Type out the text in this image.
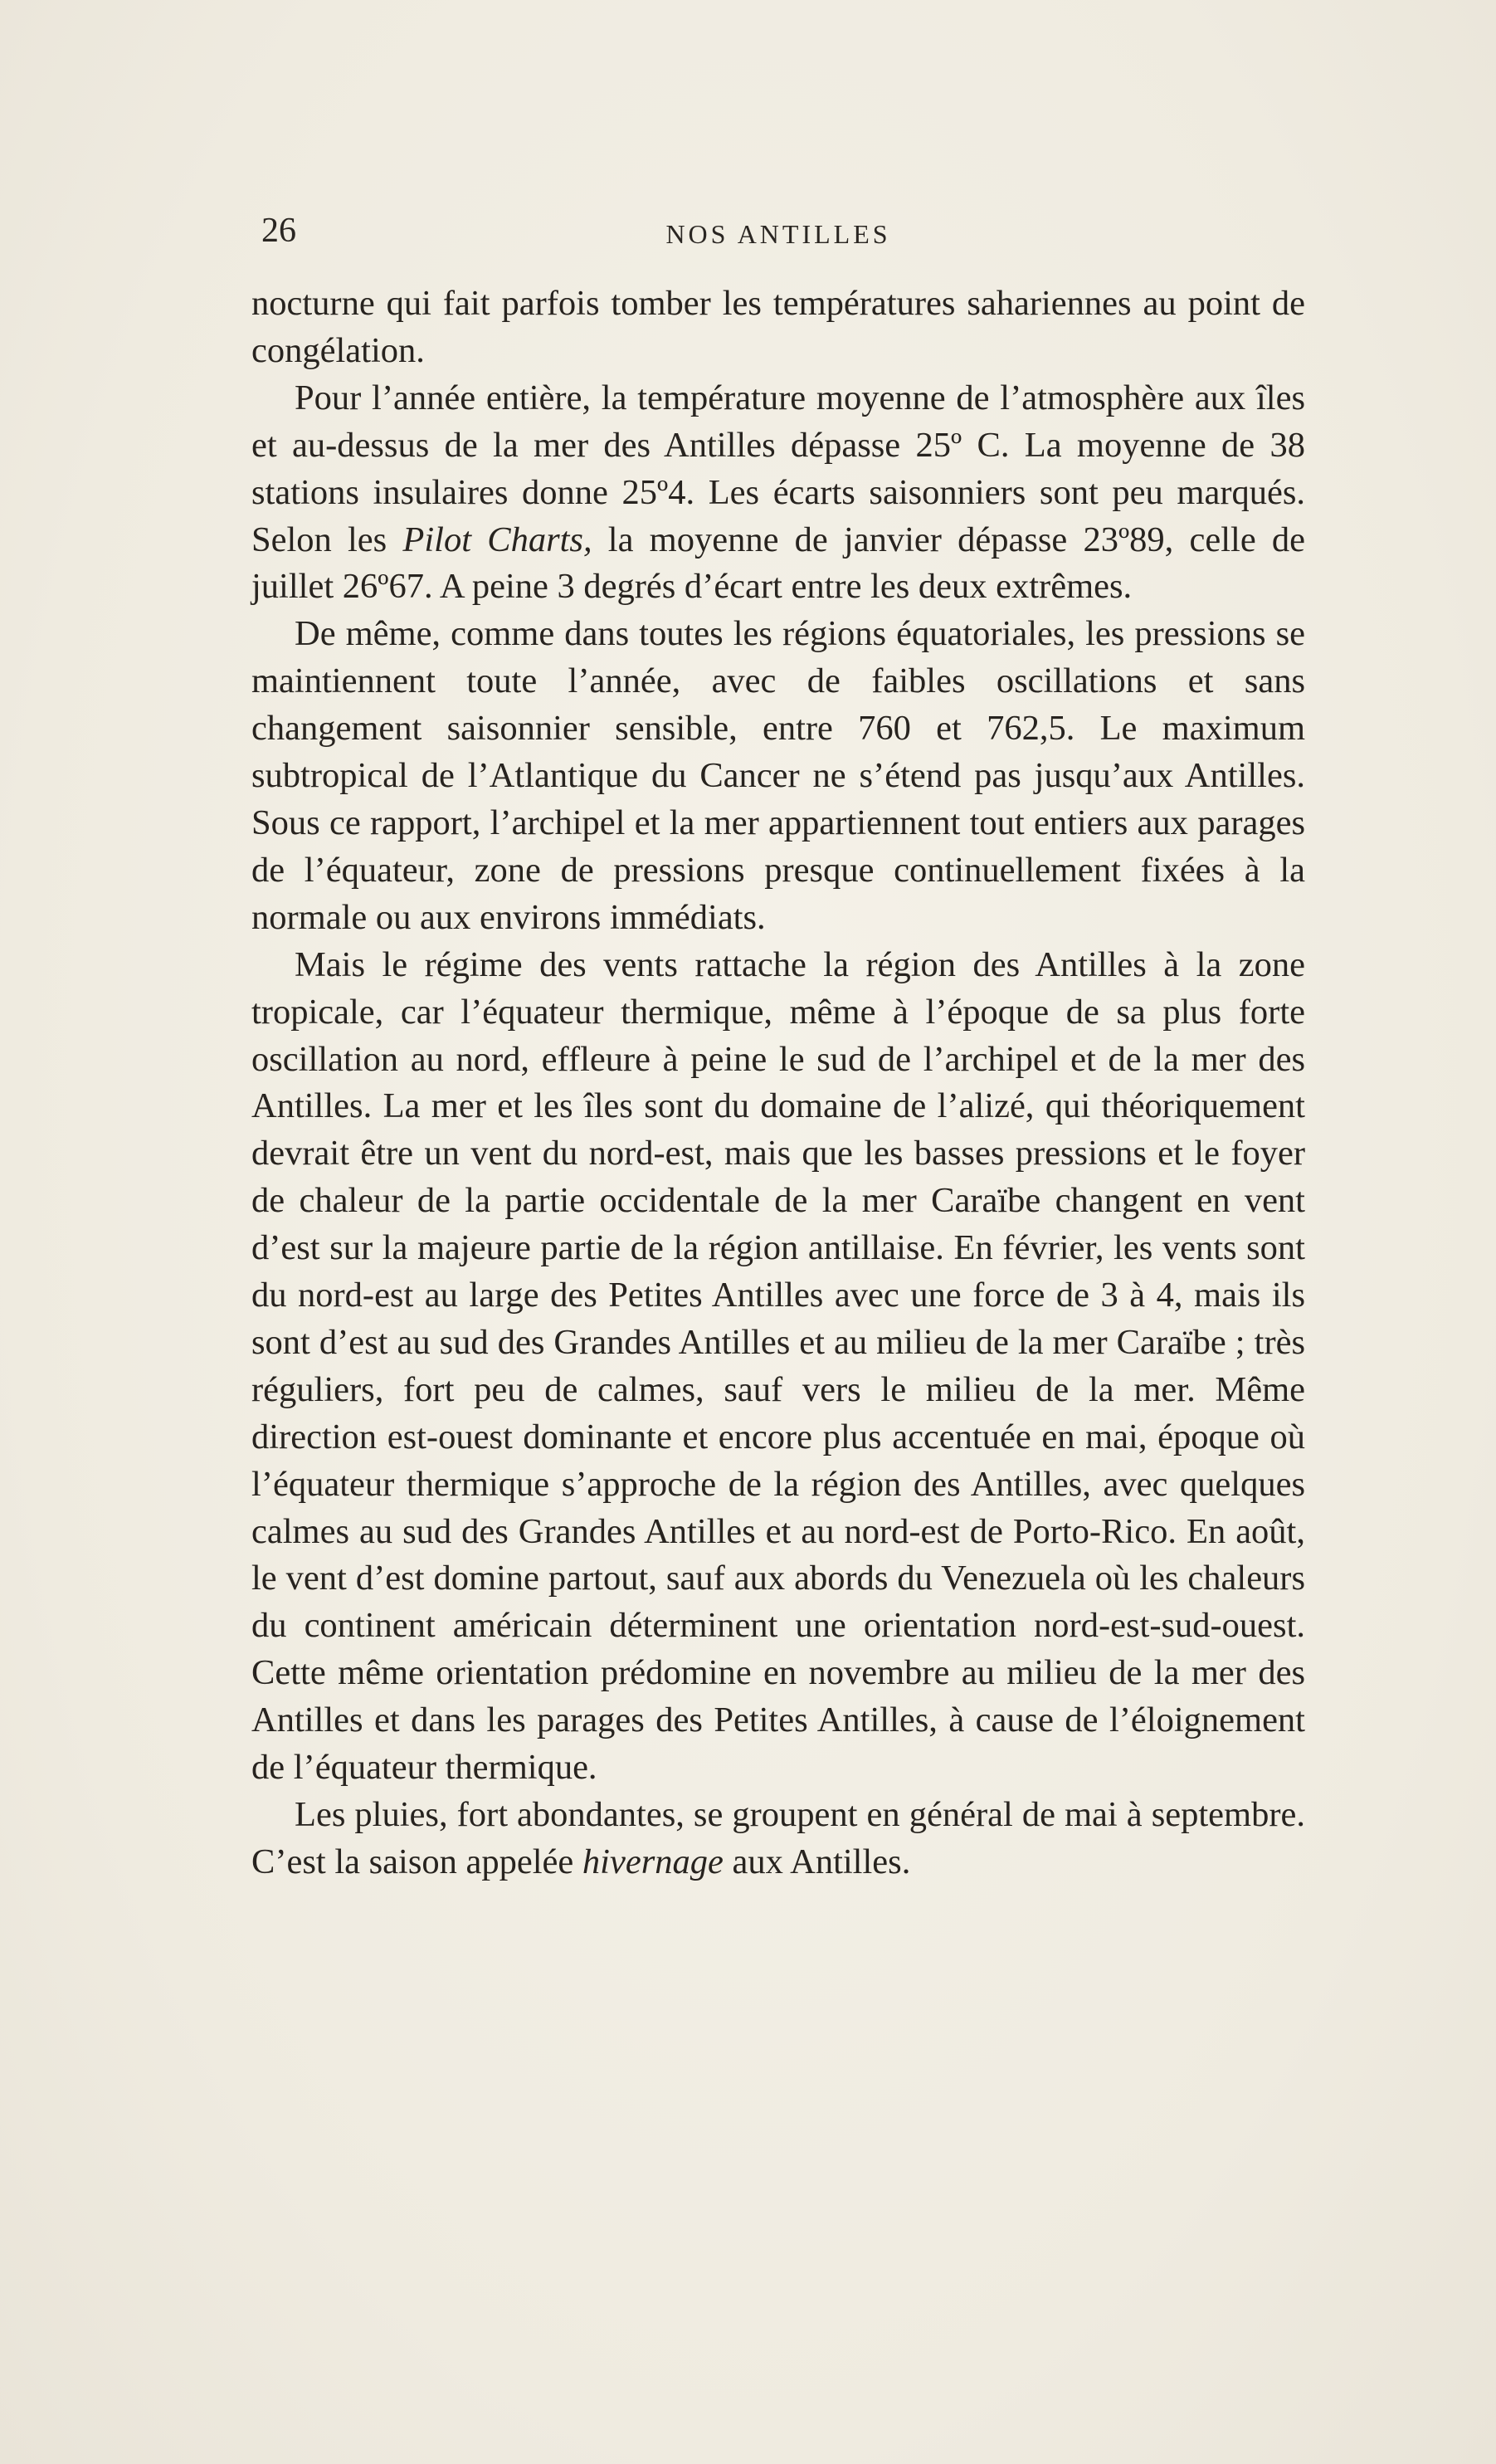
26	NOS ANTILLES

nocturne qui fait parfois tomber les températures sahariennes au point de congélation.

Pour l’année entière, la température moyenne de l’atmosphère aux îles et au-dessus de la mer des Antilles dépasse 25º C. La moyenne de 38 stations insulaires donne 25º4. Les écarts saisonniers sont peu marqués. Selon les Pilot Charts, la moyenne de janvier dépasse 23º89, celle de juillet 26º67. A peine 3 degrés d’écart entre les deux extrêmes.

De même, comme dans toutes les régions équatoriales, les pressions se maintiennent toute l’année, avec de faibles oscillations et sans changement saisonnier sensible, entre 760 et 762,5. Le maximum subtropical de l’Atlantique du Cancer ne s’étend pas jusqu’aux Antilles. Sous ce rapport, l’archipel et la mer appartiennent tout entiers aux parages de l’équateur, zone de pressions presque continuellement fixées à la normale ou aux environs immédiats.

Mais le régime des vents rattache la région des Antilles à la zone tropicale, car l’équateur thermique, même à l’époque de sa plus forte oscillation au nord, effleure à peine le sud de l’archipel et de la mer des Antilles. La mer et les îles sont du domaine de l’alizé, qui théoriquement devrait être un vent du nord-est, mais que les basses pressions et le foyer de chaleur de la partie occidentale de la mer Caraïbe changent en vent d’est sur la majeure partie de la région antillaise. En février, les vents sont du nord-est au large des Petites Antilles avec une force de 3 à 4, mais ils sont d’est au sud des Grandes Antilles et au milieu de la mer Caraïbe ; très réguliers, fort peu de calmes, sauf vers le milieu de la mer. Même direction est-ouest dominante et encore plus accentuée en mai, époque où l’équateur thermique s’approche de la région des Antilles, avec quelques calmes au sud des Grandes Antilles et au nord-est de Porto-Rico. En août, le vent d’est domine partout, sauf aux abords du Venezuela où les chaleurs du continent américain déterminent une orientation nord-est-sud-ouest. Cette même orientation prédomine en novembre au milieu de la mer des Antilles et dans les parages des Petites Antilles, à cause de l’éloignement de l’équateur thermique.

Les pluies, fort abondantes, se groupent en général de mai à septembre. C’est la saison appelée hivernage aux Antilles.
